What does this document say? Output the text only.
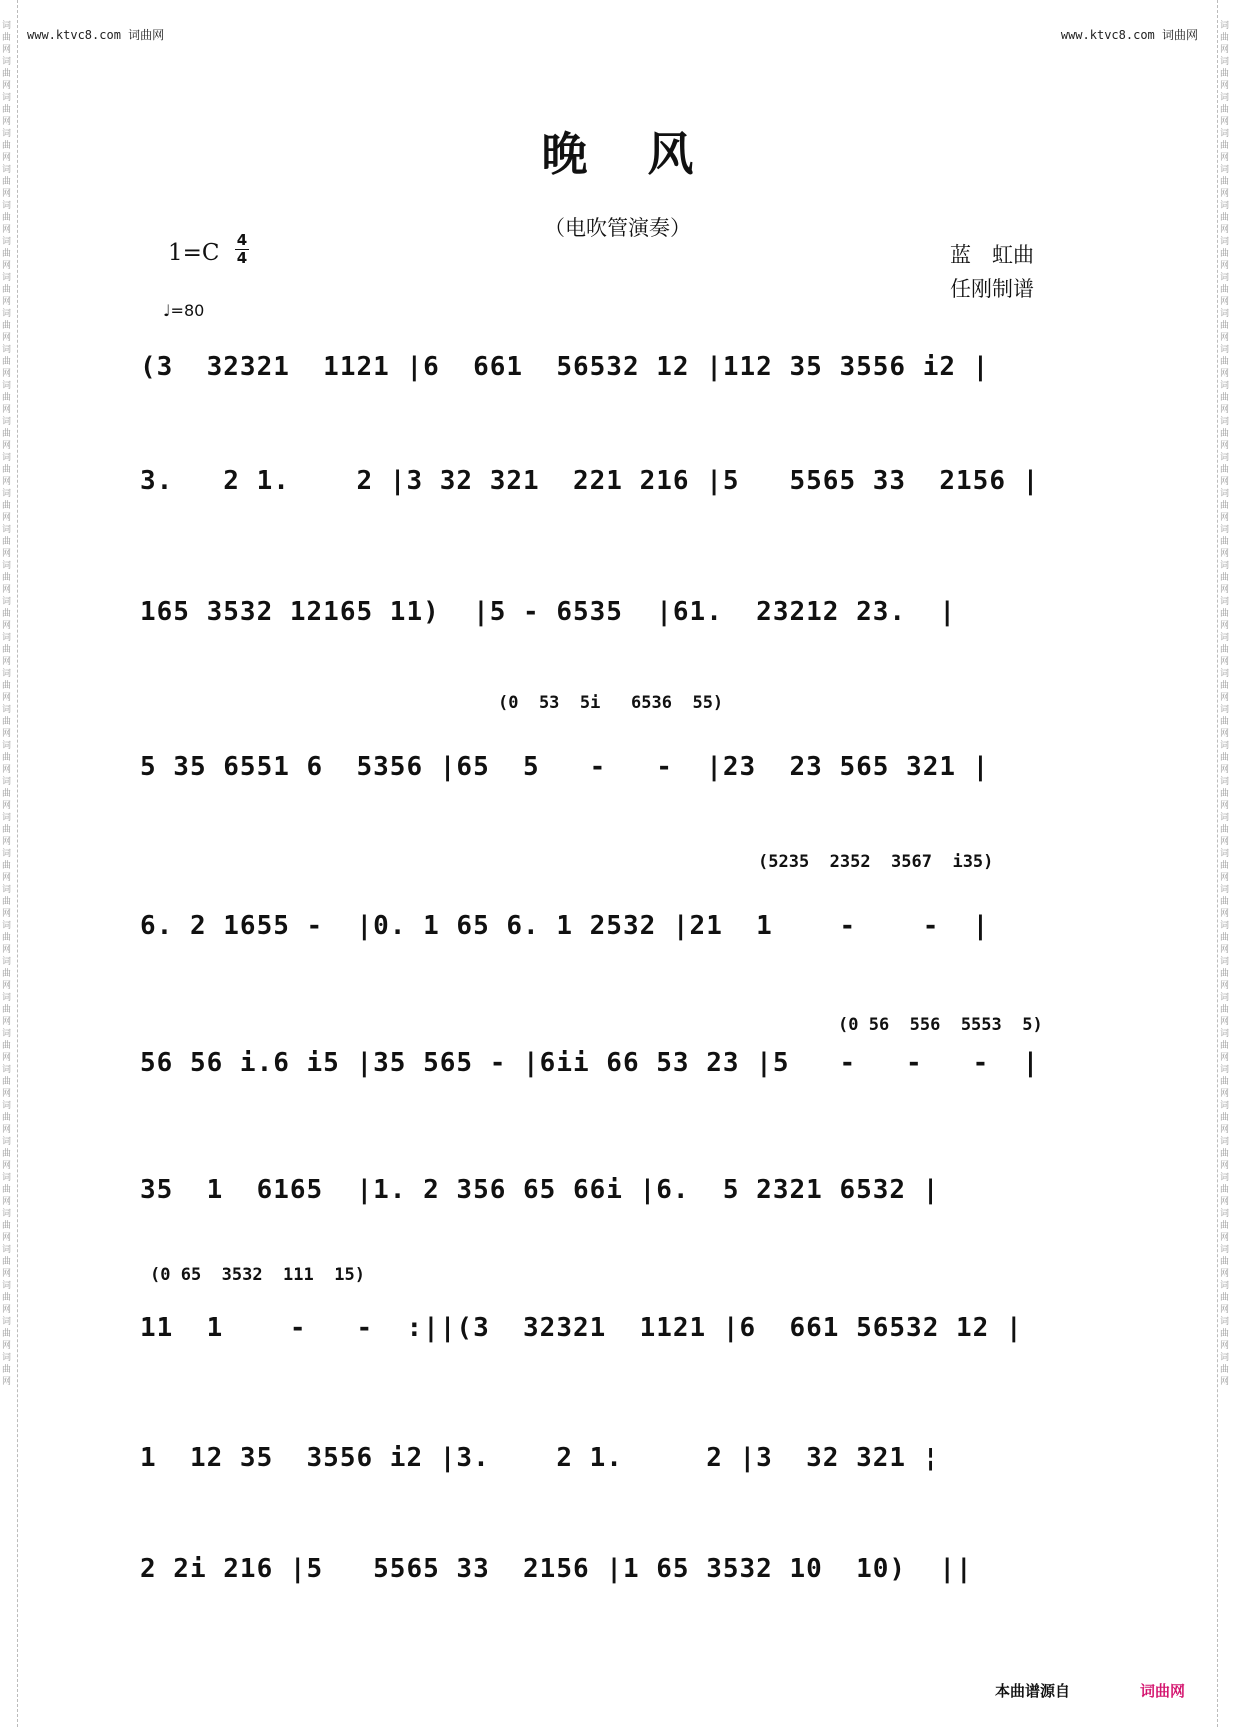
词曲网词曲网词曲网词曲网词曲网词曲网词曲网词曲网词曲网词曲网词曲网词曲网词曲网词曲网词曲网词曲网词曲网词曲网词曲网词曲网词曲网词曲网词曲网词曲网词曲网词曲网词曲网词曲网词曲网词曲网词曲网词曲网词曲网词曲网词曲网词曲网词曲网词曲网
词曲网词曲网词曲网词曲网词曲网词曲网词曲网词曲网词曲网词曲网词曲网词曲网词曲网词曲网词曲网词曲网词曲网词曲网词曲网词曲网词曲网词曲网词曲网词曲网词曲网词曲网词曲网词曲网词曲网词曲网词曲网词曲网词曲网词曲网词曲网词曲网词曲网词曲网
www.ktvc8.com 词曲网	www.ktvc8.com 词曲网
晚风
（电吹管演奏）
1=C 4
4	蓝　虹曲
任刚制谱
♩=80
(3  32321  1121 |6  661  56532 12 |112 35 3556 i2 |
3.   2 1.    2 |3 32 321  221 216 |5   5565 33  2156 |
165 3532 12165 11)  |5 - 6535  |61.  23212 23.  |
(0  53  5i   6536  55)
5 35 6551 6  5356 |65  5   -   -  |23  23 565 321 |
(5235  2352  3567  i35)
6. 2 1655 -  |0. 1 65 6. 1 2532 |21  1    -    -  |
(0 56  556  5553  5)
56 56 i.6 i5 |35 565 - |6ii 66 53 23 |5   -   -   -  |
35  1  6165  |1. 2 356 65 66i |6.  5 2321 6532 |
(0 65  3532  111  15)
11  1    -   -  :||(3  32321  1121 |6  661 56532 12 |
1  12 35  3556 i2 |3.    2 1.     2 |3  32 321 ¦
2 2i 216 |5   5565 33  2156 |1 65 3532 10  10)  ||
本曲谱源自	词曲网
